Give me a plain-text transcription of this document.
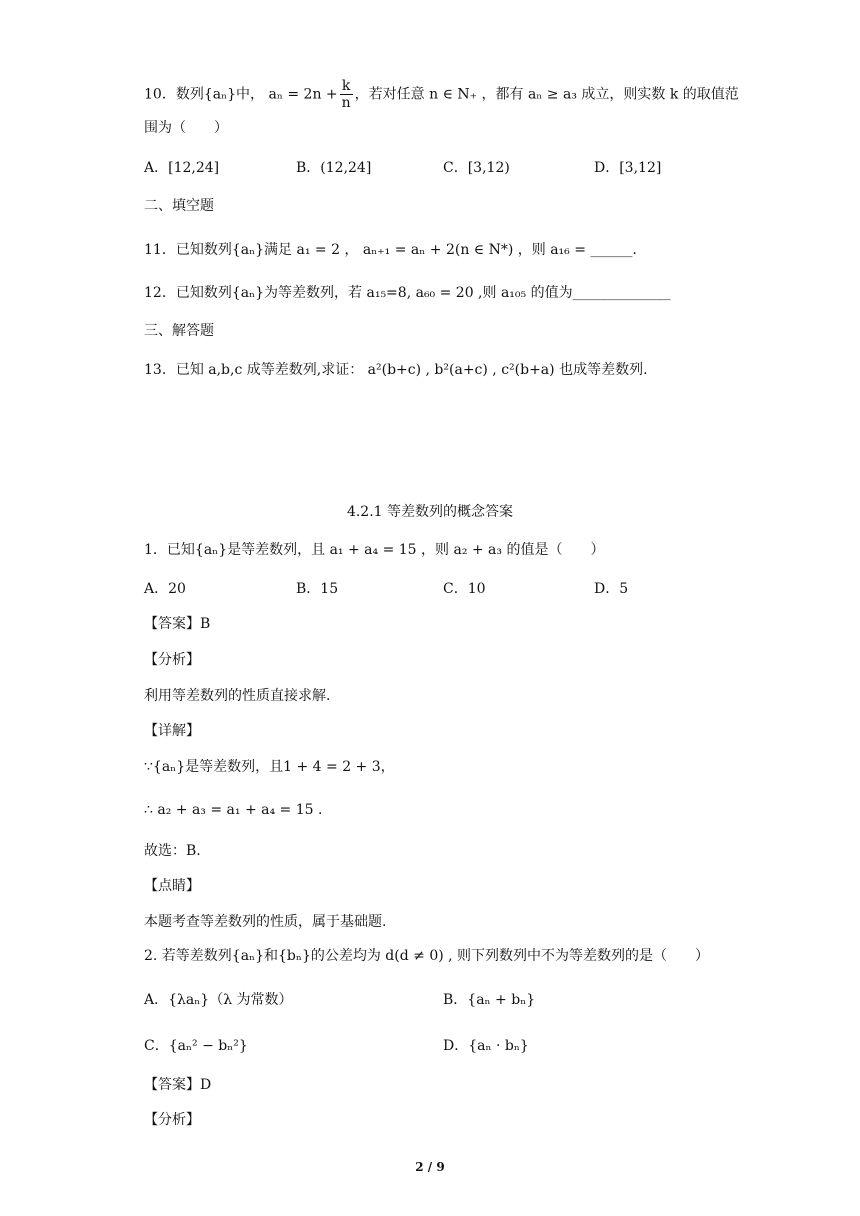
10．数列{aₙ}中， $a_n = 2n + \frac{k}{n}$ ，若对任意 n ∈ N₊ ，都有 aₙ ≥ a₃ 成立，则实数 k 的取值范
围为（　　）
A．[12,24]	B．(12,24]	C．[3,12)	D．[3,12]
二、填空题
11．已知数列{aₙ}满足 a₁ = 2 ， aₙ₊₁ = aₙ + 2(n ∈ N*) ，则 a₁₆ = ______.
12．已知数列{aₙ}为等差数列，若 a₁₅=8, a₆₀ = 20 ,则 a₁₀₅ 的值为______________
三、解答题
13．已知 a,b,c 成等差数列,求证： a²(b+c) , b²(a+c) , c²(b+a) 也成等差数列.
4.2.1 等差数列的概念答案
1．已知{aₙ}是等差数列，且 a₁ + a₄ = 15 ，则 a₂ + a₃ 的值是（　　）
A．20	B．15	C．10	D．5
【答案】B
【分析】
利用等差数列的性质直接求解.
【详解】
∵{aₙ}是等差数列，且1 + 4 = 2 + 3，
∴ a₂ + a₃ = a₁ + a₄ = 15 .
故选：B.
【点睛】
本题考查等差数列的性质，属于基础题.
2. 若等差数列{aₙ}和{bₙ}的公差均为 d(d ≠ 0) , 则下列数列中不为等差数列的是（　　）
A．{λaₙ}（λ 为常数）	B．{aₙ + bₙ}
C．{aₙ² − bₙ²}	D．{aₙ · bₙ}
【答案】D
【分析】
2 / 9
